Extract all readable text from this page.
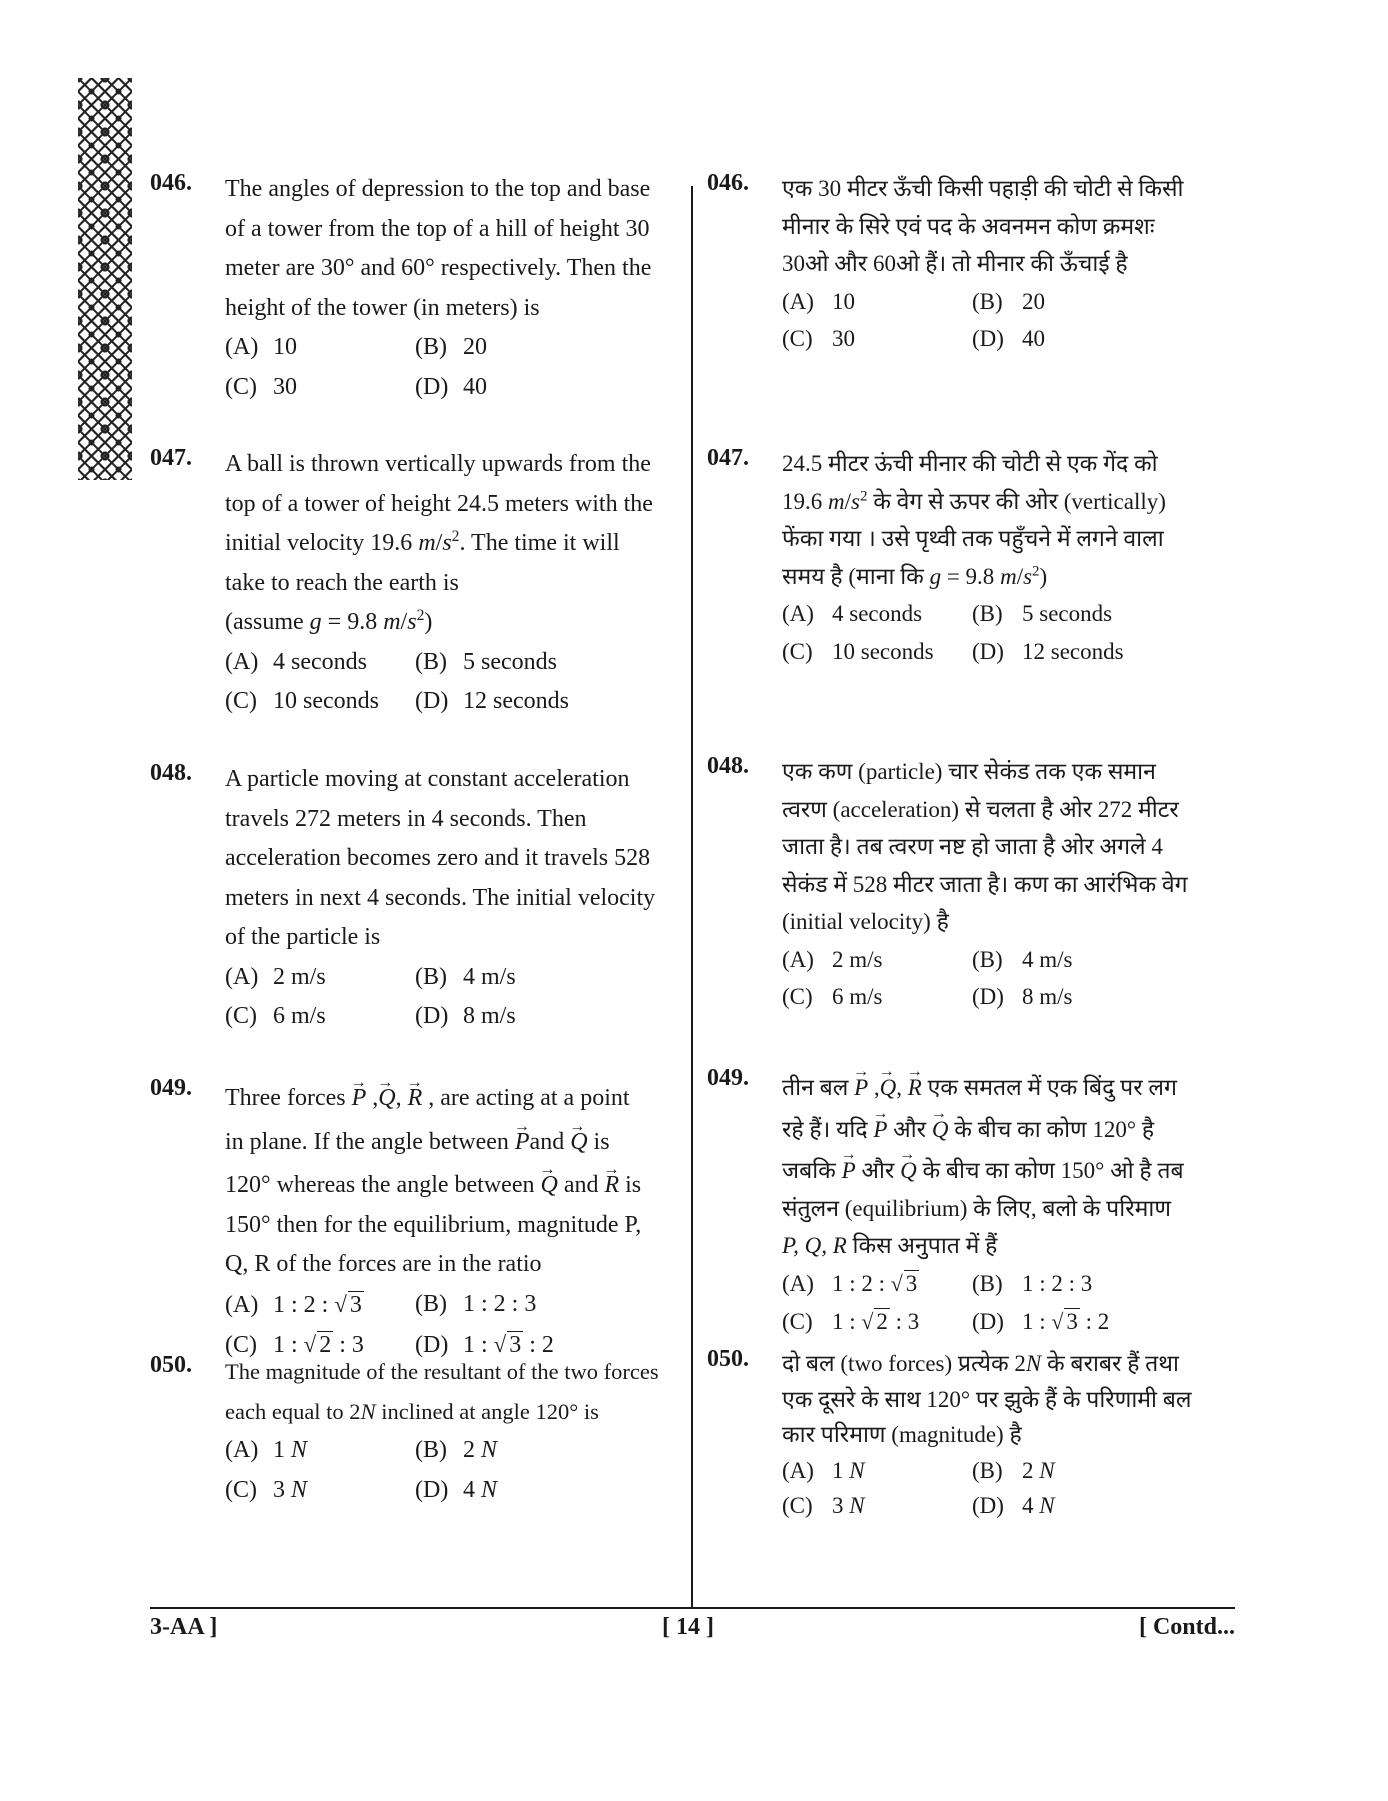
046. The angles of depression to the top and base
of a tower from the top of a hill of height 30
meter are 30° and 60° respectively. Then the
height of the tower (in meters) is
(A) 10	(B) 20
(C) 30	(D) 40
047. A ball is thrown vertically upwards from the
top of a tower of height 24.5 meters with the
initial velocity 19.6 $m/s^2$. The time it will
take to reach the earth is
(assume g = 9.8 $m/s^2$)
(A) 4 seconds	(B) 5 seconds
(C) 10 seconds	(D) 12 seconds
048. A particle moving at constant acceleration
travels 272 meters in 4 seconds. Then
acceleration becomes zero and it travels 528
meters in next 4 seconds. The initial velocity
of the particle is
(A) 2 m/s	(B) 4 m/s
(C) 6 m/s	(D) 8 m/s
049. Three forces → P ,→ Q, → R , are acting at a point
in plane. If the angle between → Pand → Q is
120° whereas the angle between → Q and → R is
150° then for the equilibrium, magnitude P,
Q, R of the forces are in the ratio
(A) 1 : 2 : √ 3	(B) 1 : 2 : 3
(C) 1 : √ 2 : 3	(D) 1 : √ 3 : 2
050. The magnitude of the resultant of the two forces
each equal to 2N inclined at angle 120° is
(A) 1 N	(B) 2 N
(C) 3 N	(D) 4 N
046. एक 30 मीटर ऊँची किसी पहाड़ी की चोटी से किसी
मीनार के सिरे एवं पद के अवनमन कोण क्रमशः
30ओ और 60ओ हैं। तो मीनार की ऊँचाई है
(A) 10	(B) 20
(C) 30	(D) 40
047. 24.5 मीटर ऊंची मीनार की चोटी से एक गेंद को
19.6 $m/s^2$ के वेग से ऊपर की ओर (vertically)
फेंका गया । उसे पृथ्वी तक पहुँचने में लगने वाला
समय है (माना कि g = 9.8 $m/s^2$)
(A) 4 seconds	(B) 5 seconds
(C) 10 seconds	(D) 12 seconds
048. एक कण (particle) चार सेकंड तक एक समान
त्वरण (acceleration) से चलता है ओर 272 मीटर
जाता है। तब त्वरण नष्ट हो जाता है ओर अगले 4
सेकंड में 528 मीटर जाता है। कण का आरंभिक वेग
(initial velocity) है
(A) 2 m/s	(B) 4 m/s
(C) 6 m/s	(D) 8 m/s
049. तीन बल → P ,→ Q, → R एक समतल में एक बिंदु पर लग
रहे हैं। यदि → P और → Q के बीच का कोण 120° है
जबकि → P और → Q के बीच का कोण 150° ओ है तब
संतुलन (equilibrium) के लिए, बलो के परिमाण
P, Q, R किस अनुपात में हैं
(A) 1 : 2 : √ 3	(B) 1 : 2 : 3
(C) 1 : √ 2 : 3	(D) 1 : √ 3 : 2
050. दो बल (two forces) प्रत्येक 2N के बराबर हैं तथा
एक दूसरे के साथ 120° पर झुके हैं के परिणामी बल
कार परिमाण (magnitude) है
(A) 1 N	(B) 2 N
(C) 3 N	(D) 4 N
3-AA ]	[ 14 ]	[ Contd...
